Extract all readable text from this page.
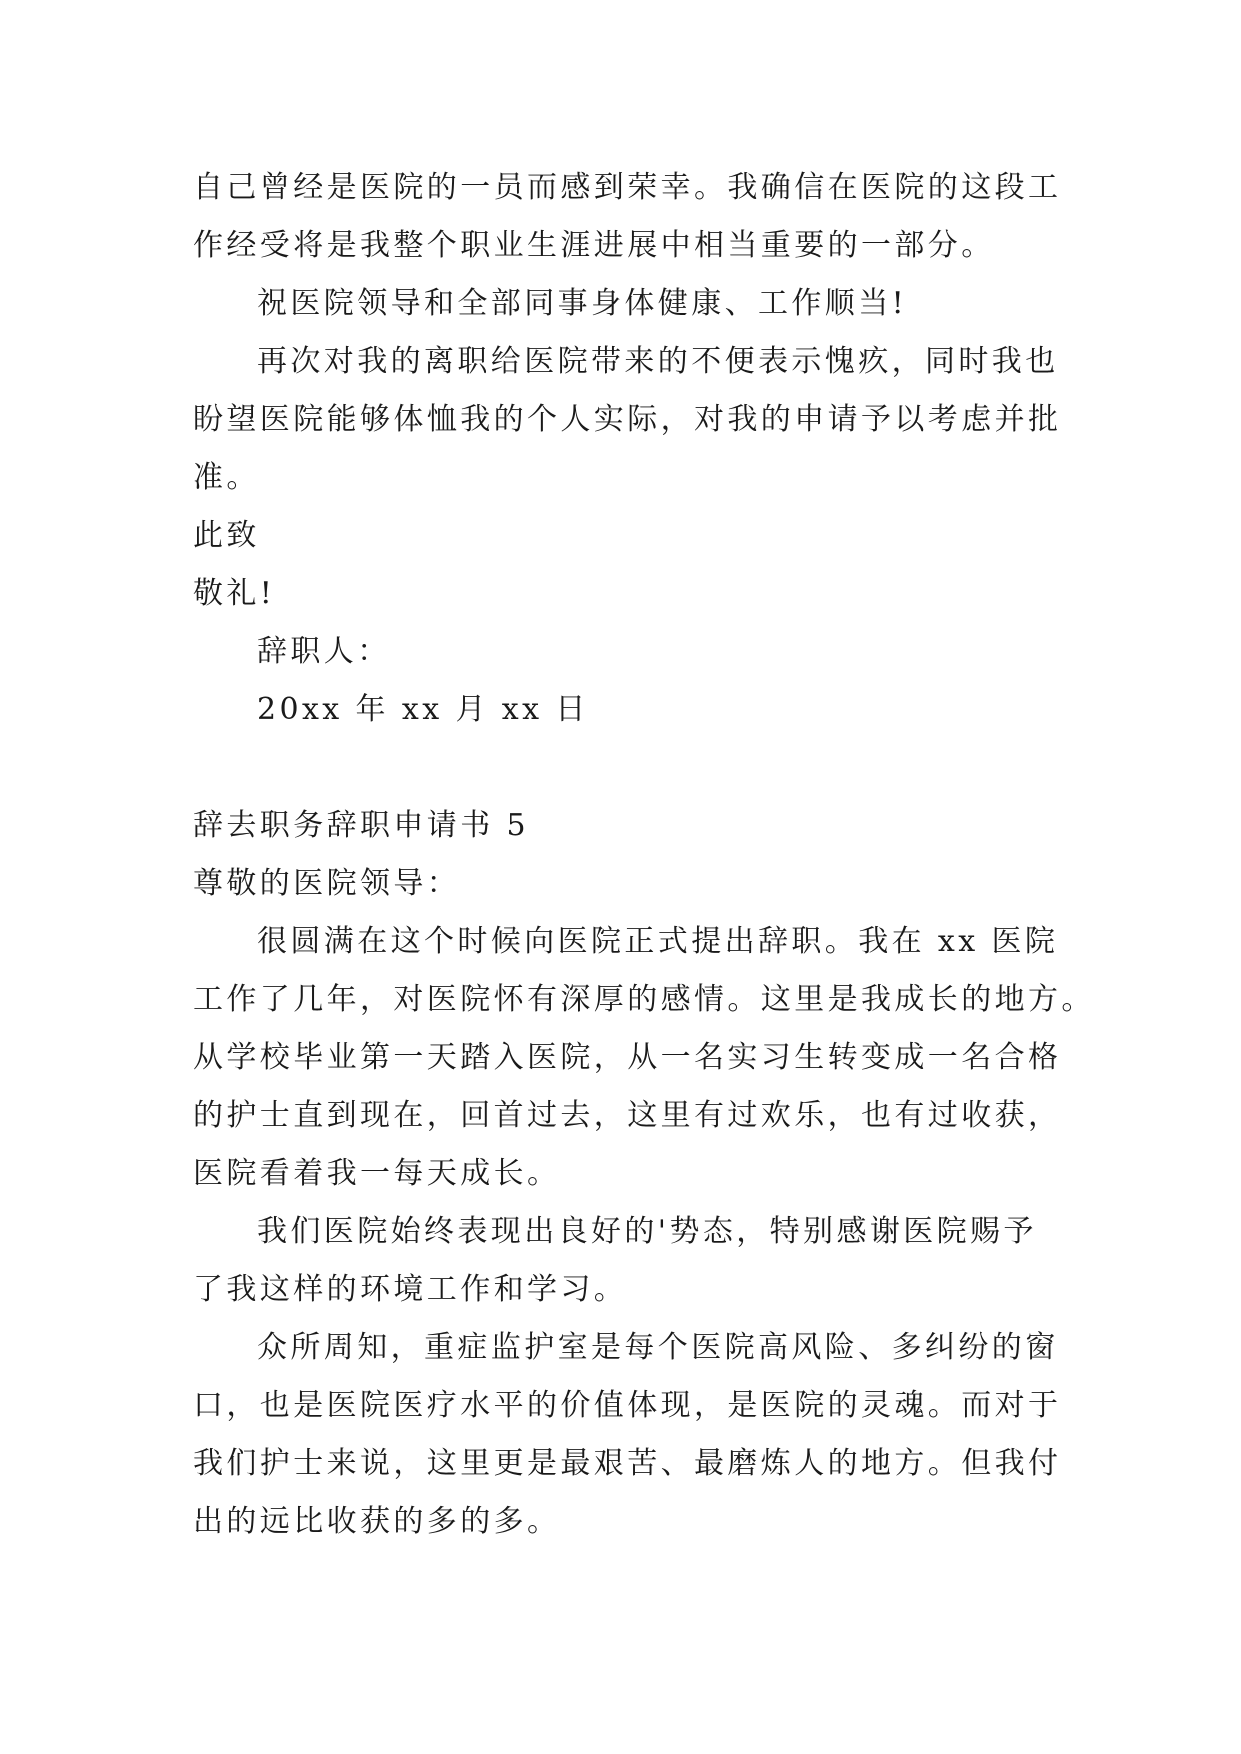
自己曾经是医院的一员而感到荣幸。我确信在医院的这段工
作经受将是我整个职业生涯进展中相当重要的一部分。
祝医院领导和全部同事身体健康、工作顺当!
再次对我的离职给医院带来的不便表示愧疚，同时我也
盼望医院能够体恤我的个人实际，对我的申请予以考虑并批
准。
此致
敬礼!
辞职人：
20xx 年 xx 月 xx 日
辞去职务辞职申请书 5
尊敬的医院领导：
很圆满在这个时候向医院正式提出辞职。我在 xx 医院
工作了几年，对医院怀有深厚的感情。这里是我成长的地方。
从学校毕业第一天踏入医院，从一名实习生转变成一名合格
的护士直到现在，回首过去，这里有过欢乐，也有过收获，
医院看着我一每天成长。
我们医院始终表现出良好的'势态，特别感谢医院赐予
了我这样的环境工作和学习。
众所周知，重症监护室是每个医院高风险、多纠纷的窗
口，也是医院医疗水平的价值体现，是医院的灵魂。而对于
我们护士来说，这里更是最艰苦、最磨炼人的地方。但我付
出的远比收获的多的多。
